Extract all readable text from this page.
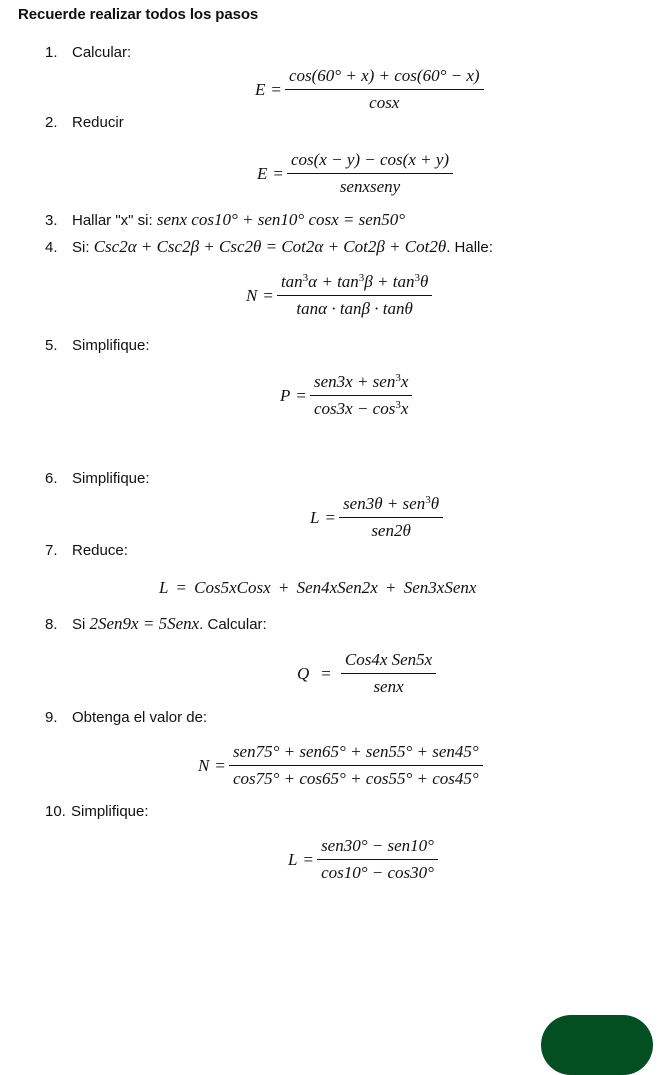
Recuerde realizar todos los pasos
1. Calcular:
$E = \frac{\cos(60^\circ + x) + \cos(60^\circ - x)}{\cos x}$
2. Reducir
$E = \frac{\cos(x - y) - \cos(x + y)}{\text{senxseny}}$
3. Hallar "x" si: senx cos10° + sen10° cosx = sen50°
4. Si: Csc2α + Csc2β + Csc2θ = Cot2α + Cot2β + Cot2θ. Halle:
$N = \frac{\tan^3\alpha + \tan^3\beta + \tan^3\theta}{\tan\alpha \cdot \tan\beta \cdot \tan\theta}$
5. Simplifique:
$P = \frac{sen3x + sen^3x}{\cos 3x - \cos^3x}$
6. Simplifique:
$L = \frac{sen3\theta + sen^3\theta}{\text{sen2θ}}$
7. Reduce:
L = Cos5xCosx + Sen4xSen2x + Sen3xSenx
8. Si 2Sen9x = 5Senx. Calcular:
$Q = \frac{\text{Cos4x Sen5x}}{\text{senx}}$
9. Obtenga el valor de:
$N = \frac{\text{sen75° + sen65° + sen55° + sen45°}}{\cos 75^\circ + \cos 65^\circ + \cos 55^\circ + \cos 45^\circ}$
10. Simplifique:
$L = \frac{\text{sen30° − sen10°}}{\cos 10^\circ - \cos 30^\circ}$
